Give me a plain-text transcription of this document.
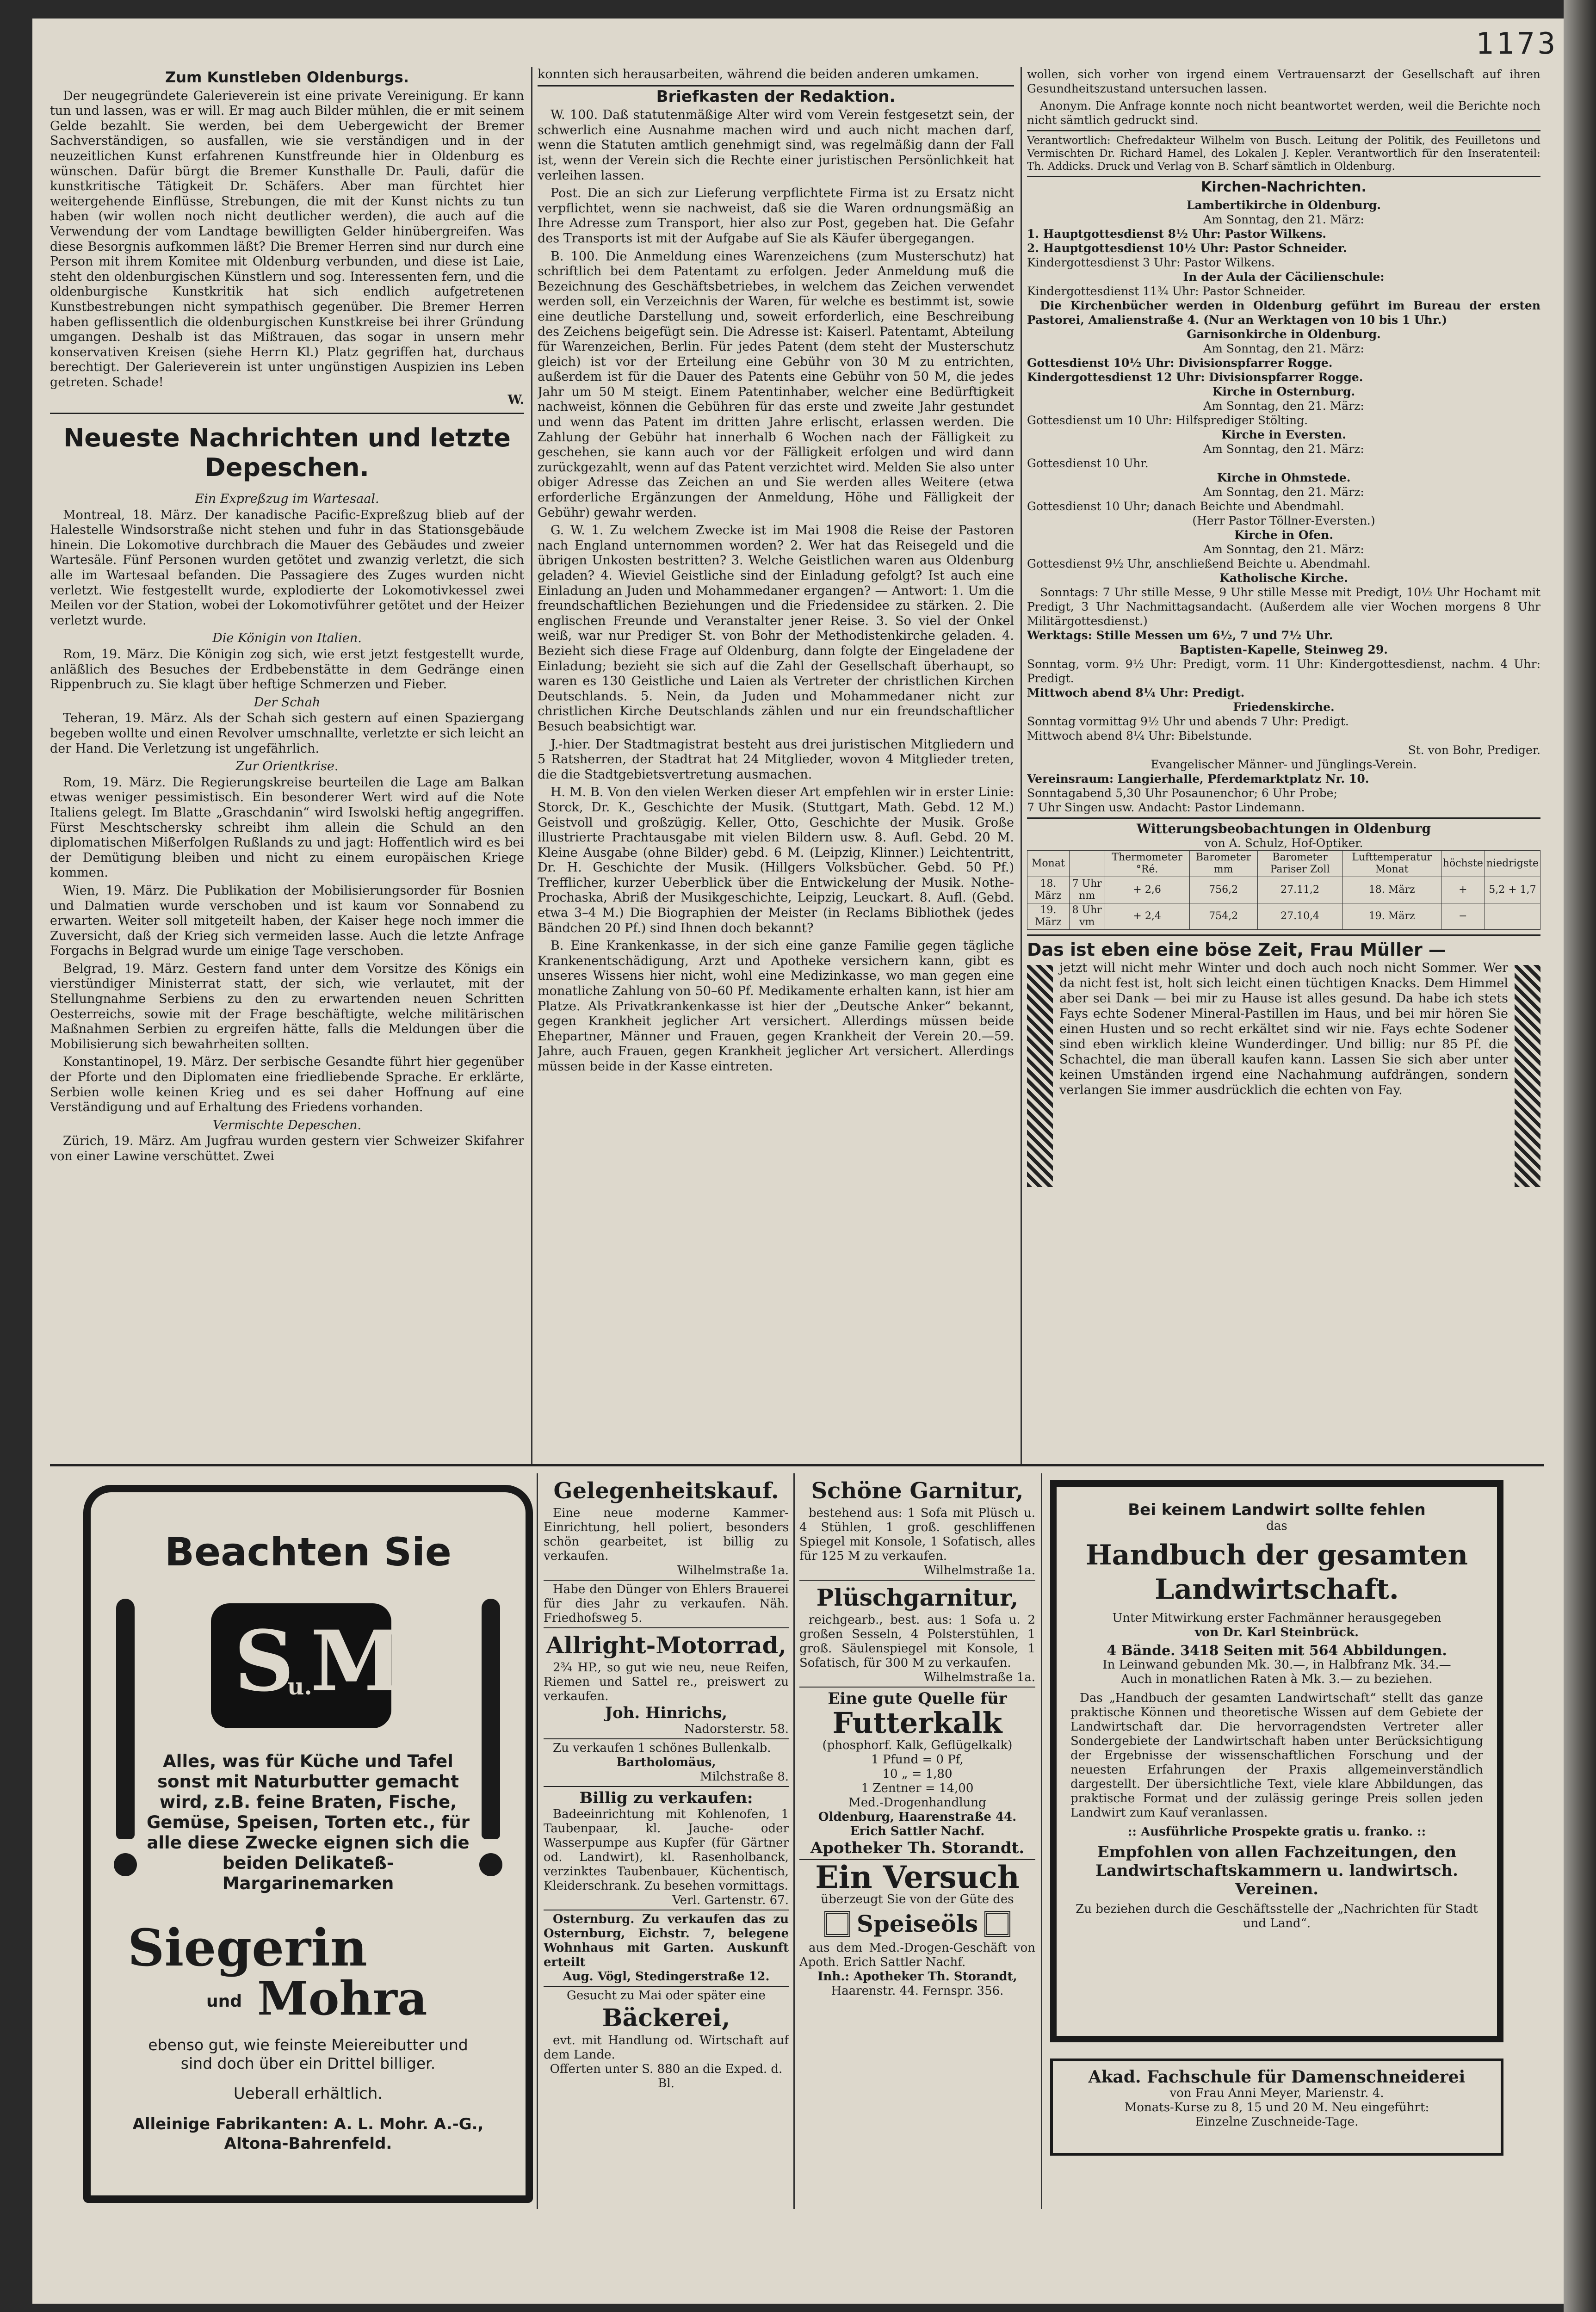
1173
Zum Kunstleben Oldenburgs.

Der neugegründete Galerieverein ist eine private Vereinigung. Er kann tun und lassen, was er will. Er mag auch Bilder mühlen, die er mit seinem Gelde bezahlt. Sie werden, bei dem Uebergewicht der Bremer Sachverständigen, so ausfallen, wie sie verständigen und in der neuzeitlichen Kunst erfahrenen Kunstfreunde hier in Oldenburg es wünschen. Dafür bürgt die Bremer Kunsthalle Dr. Pauli, dafür die kunstkritische Tätigkeit Dr. Schäfers. Aber man fürchtet hier weitergehende Einflüsse, Strebungen, die mit der Kunst nichts zu tun haben (wir wollen noch nicht deutlicher werden), die auch auf die Verwendung der vom Landtage bewilligten Gelder hinübergreifen. Was diese Besorgnis aufkommen läßt? Die Bremer Herren sind nur durch eine Person mit ihrem Komitee mit Oldenburg verbunden, und diese ist Laie, steht den oldenburgischen Künstlern und sog. Interessenten fern, und die oldenburgische Kunstkritik hat sich endlich aufgetretenen Kunstbestrebungen nicht sympathisch gegenüber. Die Bremer Herren haben geflissentlich die oldenburgischen Kunstkreise bei ihrer Gründung umgangen. Deshalb ist das Mißtrauen, das sogar in unsern mehr konservativen Kreisen (siehe Herrn Kl.) Platz gegriffen hat, durchaus berechtigt. Der Galerieverein ist unter ungünstigen Auspizien ins Leben getreten. Schade!

W.
Neueste Nachrichten und letzte Depeschen.
Ein Expreßzug im Wartesaal.

Montreal, 18. März. Der kanadische Pacific-Expreßzug blieb auf der Halestelle Windsorstraße nicht stehen und fuhr in das Stationsgebäude hinein. Die Lokomotive durchbrach die Mauer des Gebäudes und zweier Wartesäle. Fünf Personen wurden getötet und zwanzig verletzt, die sich alle im Wartesaal befanden. Die Passagiere des Zuges wurden nicht verletzt. Wie festgestellt wurde, explodierte der Lokomotivkessel zwei Meilen vor der Station, wobei der Lokomotivführer getötet und der Heizer verletzt wurde.

Die Königin von Italien.

Rom, 19. März. Die Königin zog sich, wie erst jetzt festgestellt wurde, anläßlich des Besuches der Erdbebenstätte in dem Gedränge einen Rippenbruch zu. Sie klagt über heftige Schmerzen und Fieber.

Der Schah

Teheran, 19. März. Als der Schah sich gestern auf einen Spaziergang begeben wollte und einen Revolver umschnallte, verletzte er sich leicht an der Hand. Die Verletzung ist ungefährlich.

Zur Orientkrise.

Rom, 19. März. Die Regierungskreise beurteilen die Lage am Balkan etwas weniger pessimistisch. Ein besonderer Wert wird auf die Note Italiens gelegt. Im Blatte „Graschdanin“ wird Iswolski heftig angegriffen. Fürst Meschtschersky schreibt ihm allein die Schuld an den diplomatischen Mißerfolgen Rußlands zu und jagt: Hoffentlich wird es bei der Demütigung bleiben und nicht zu einem europäischen Kriege kommen.

Wien, 19. März. Die Publikation der Mobilisierungsorder für Bosnien und Dalmatien wurde verschoben und ist kaum vor Sonnabend zu erwarten. Weiter soll mitgeteilt haben, der Kaiser hege noch immer die Zuversicht, daß der Krieg sich vermeiden lasse. Auch die letzte Anfrage Forgachs in Belgrad wurde um einige Tage verschoben.

Belgrad, 19. März. Gestern fand unter dem Vorsitze des Königs ein vierstündiger Ministerrat statt, der sich, wie verlautet, mit der Stellungnahme Serbiens zu den zu erwartenden neuen Schritten Oesterreichs, sowie mit der Frage beschäftigte, welche militärischen Maßnahmen Serbien zu ergreifen hätte, falls die Meldungen über die Mobilisierung sich bewahrheiten sollten.

Konstantinopel, 19. März. Der serbische Gesandte führt hier gegenüber der Pforte und den Diplomaten eine friedliebende Sprache. Er erklärte, Serbien wolle keinen Krieg und es sei daher Hoffnung auf eine Verständigung und auf Erhaltung des Friedens vorhanden.

Vermischte Depeschen.

Zürich, 19. März. Am Jugfrau wurden gestern vier Schweizer Skifahrer von einer Lawine verschüttet. Zwei

konnten sich herausarbeiten, während die beiden anderen umkamen.

Briefkasten der Redaktion.

W. 100. Daß statutenmäßige Alter wird vom Verein festgesetzt sein, der schwerlich eine Ausnahme machen wird und auch nicht machen darf, wenn die Statuten amtlich genehmigt sind, was regelmäßig dann der Fall ist, wenn der Verein sich die Rechte einer juristischen Persönlichkeit hat verleihen lassen.

Post. Die an sich zur Lieferung verpflichtete Firma ist zu Ersatz nicht verpflichtet, wenn sie nachweist, daß sie die Waren ordnungsmäßig an Ihre Adresse zum Transport, hier also zur Post, gegeben hat. Die Gefahr des Transports ist mit der Aufgabe auf Sie als Käufer übergegangen.

B. 100. Die Anmeldung eines Warenzeichens (zum Musterschutz) hat schriftlich bei dem Patentamt zu erfolgen. Jeder Anmeldung muß die Bezeichnung des Geschäftsbetriebes, in welchem das Zeichen verwendet werden soll, ein Verzeichnis der Waren, für welche es bestimmt ist, sowie eine deutliche Darstellung und, soweit erforderlich, eine Beschreibung des Zeichens beigefügt sein. Die Adresse ist: Kaiserl. Patentamt, Abteilung für Warenzeichen, Berlin. Für jedes Patent (dem steht der Musterschutz gleich) ist vor der Erteilung eine Gebühr von 30 M zu entrichten, außerdem ist für die Dauer des Patents eine Gebühr von 50 M, die jedes Jahr um 50 M steigt. Einem Patentinhaber, welcher eine Bedürftigkeit nachweist, können die Gebühren für das erste und zweite Jahr gestundet und wenn das Patent im dritten Jahre erlischt, erlassen werden. Die Zahlung der Gebühr hat innerhalb 6 Wochen nach der Fälligkeit zu geschehen, sie kann auch vor der Fälligkeit erfolgen und wird dann zurückgezahlt, wenn auf das Patent verzichtet wird. Melden Sie also unter obiger Adresse das Zeichen an und Sie werden alles Weitere (etwa erforderliche Ergänzungen der Anmeldung, Höhe und Fälligkeit der Gebühr) gewahr werden.

G. W. 1. Zu welchem Zwecke ist im Mai 1908 die Reise der Pastoren nach England unternommen worden? 2. Wer hat das Reisegeld und die übrigen Unkosten bestritten? 3. Welche Geistlichen waren aus Oldenburg geladen? 4. Wieviel Geistliche sind der Einladung gefolgt? Ist auch eine Einladung an Juden und Mohammedaner ergangen? — Antwort: 1. Um die freundschaftlichen Beziehungen und die Friedensidee zu stärken. 2. Die englischen Freunde und Veranstalter jener Reise. 3. So viel der Onkel weiß, war nur Prediger St. von Bohr der Methodistenkirche geladen. 4. Bezieht sich diese Frage auf Oldenburg, dann folgte der Eingeladene der Einladung; bezieht sie sich auf die Zahl der Gesellschaft überhaupt, so waren es 130 Geistliche und Laien als Vertreter der christlichen Kirchen Deutschlands. 5. Nein, da Juden und Mohammedaner nicht zur christlichen Kirche Deutschlands zählen und nur ein freundschaftlicher Besuch beabsichtigt war.

J.-hier. Der Stadtmagistrat besteht aus drei juristischen Mitgliedern und 5 Ratsherren, der Stadtrat hat 24 Mitglieder, wovon 4 Mitglieder treten, die die Stadtgebietsvertretung ausmachen.

H. M. B. Von den vielen Werken dieser Art empfehlen wir in erster Linie: Storck, Dr. K., Geschichte der Musik. (Stuttgart, Math. Gebd. 12 M.) Geistvoll und großzügig. Keller, Otto, Geschichte der Musik. Große illustrierte Prachtausgabe mit vielen Bildern usw. 8. Aufl. Gebd. 20 M. Kleine Ausgabe (ohne Bilder) gebd. 6 M. (Leipzig, Klinner.) Leichtentritt, Dr. H. Geschichte der Musik. (Hillgers Volksbücher. Gebd. 50 Pf.) Trefflicher, kurzer Ueberblick über die Entwickelung der Musik. Nothe-Prochaska, Abriß der Musikgeschichte, Leipzig, Leuckart. 8. Aufl. (Gebd. etwa 3–4 M.) Die Biographien der Meister (in Reclams Bibliothek (jedes Bändchen 20 Pf.) sind Ihnen doch bekannt?

B. Eine Krankenkasse, in der sich eine ganze Familie gegen tägliche Krankenentschädigung, Arzt und Apotheke versichern kann, gibt es unseres Wissens hier nicht, wohl eine Medizinkasse, wo man gegen eine monatliche Zahlung von 50–60 Pf. Medikamente erhalten kann, ist hier am Platze. Als Privatkrankenkasse ist hier der „Deutsche Anker“ bekannt, gegen Krankheit jeglicher Art versichert. Allerdings müssen beide Ehepartner, Männer und Frauen, gegen Krankheit der Verein 20.—59. Jahre, auch Frauen, gegen Krankheit jeglicher Art versichert. Allerdings müssen beide in der Kasse eintreten.

wollen, sich vorher von irgend einem Vertrauensarzt der Gesellschaft auf ihren Gesundheitszustand untersuchen lassen.

Anonym. Die Anfrage konnte noch nicht beantwortet werden, weil die Berichte noch nicht sämtlich gedruckt sind.

Verantwortlich: Chefredakteur Wilhelm von Busch. Leitung der Politik, des Feuilletons und Vermischten Dr. Richard Hamel, des Lokalen J. Kepler. Verantwortlich für den Inseratenteil: Th. Addicks. Druck und Verlag von B. Scharf sämtlich in Oldenburg.

Kirchen-Nachrichten.
Lambertikirche in Oldenburg.
Am Sonntag, den 21. März:
1. Hauptgottesdienst 8½ Uhr: Pastor Wilkens.
2. Hauptgottesdienst 10½ Uhr: Pastor Schneider.
Kindergottesdienst 3 Uhr: Pastor Wilkens.
In der Aula der Cäcilienschule:
Kindergottesdienst 11¾ Uhr: Pastor Schneider.
Die Kirchenbücher werden in Oldenburg geführt im Bureau der ersten Pastorei, Amalienstraße 4. (Nur an Werktagen von 10 bis 1 Uhr.)
Garnisonkirche in Oldenburg.
Am Sonntag, den 21. März:
Gottesdienst 10½ Uhr: Divisionspfarrer Rogge.
Kindergottesdienst 12 Uhr: Divisionspfarrer Rogge.
Kirche in Osternburg.
Am Sonntag, den 21. März:
Gottesdienst um 10 Uhr: Hilfsprediger Stölting.
Kirche in Eversten.
Am Sonntag, den 21. März:
Gottesdienst 10 Uhr.
Kirche in Ohmstede.
Am Sonntag, den 21. März:
Gottesdienst 10 Uhr; danach Beichte und Abendmahl.
(Herr Pastor Töllner-Eversten.)
Kirche in Ofen.
Am Sonntag, den 21. März:
Gottesdienst 9½ Uhr, anschließend Beichte u. Abendmahl.
Katholische Kirche.
Sonntags: 7 Uhr stille Messe, 9 Uhr stille Messe mit Predigt, 10½ Uhr Hochamt mit Predigt, 3 Uhr Nachmittagsandacht. (Außerdem alle vier Wochen morgens 8 Uhr Militärgottesdienst.)
Werktags: Stille Messen um 6½, 7 und 7½ Uhr.
Baptisten-Kapelle, Steinweg 29.
Sonntag, vorm. 9½ Uhr: Predigt, vorm. 11 Uhr: Kindergottesdienst, nachm. 4 Uhr: Predigt.
Mittwoch abend 8¼ Uhr: Predigt.
Friedenskirche.
Sonntag vormittag 9½ Uhr und abends 7 Uhr: Predigt.
Mittwoch abend 8¼ Uhr: Bibelstunde.
St. von Bohr, Prediger.
Evangelischer Männer- und Jünglings-Verein.
Vereinsraum: Langierhalle, Pferdemarktplatz Nr. 10.
Sonntagabend 5,30 Uhr Posaunenchor; 6 Uhr Probe;
7 Uhr Singen usw. Andacht: Pastor Lindemann.
Witterungsbeobachtungen in Oldenburg
von A. Schulz, Hof-Optiker.
Monat		Thermometer °Ré.	Barometer mm	Barometer Pariser Zoll	Lufttemperatur Monat	höchste	niedrigste
18. März	7 Uhr nm	+ 2,6	756,2	27.11,2	18. März	+	5,2 + 1,7
19. März	8 Uhr vm	+ 2,4	754,2	27.10,4	19. März	−	
Das ist eben eine böse Zeit, Frau Müller —

jetzt will nicht mehr Winter und doch auch noch nicht Sommer. Wer da nicht fest ist, holt sich leicht einen tüchtigen Knacks. Dem Himmel aber sei Dank — bei mir zu Hause ist alles gesund. Da habe ich stets Fays echte Sodener Mineral-Pastillen im Haus, und bei mir hören Sie einen Husten und so recht erkältet sind wir nie. Fays echte Sodener sind eben wirklich kleine Wunderdinger. Und billig: nur 85 Pf. die Schachtel, die man überall kaufen kann. Lassen Sie sich aber unter keinen Umständen irgend eine Nachahmung aufdrängen, sondern verlangen Sie immer ausdrücklich die echten von Fay.

Beachten Sie
S
u.
M
Alles, was für Küche und Tafel sonst mit Naturbutter gemacht wird, z.B. feine Braten, Fische, Gemüse, Speisen, Torten etc., für alle diese Zwecke eignen sich die beiden Delikateß-Margarinemarken
Siegerin
und Mohra
ebenso gut, wie feinste Meiereibutter und sind doch über ein Drittel billiger.
Ueberall erhältlich.
Alleinige Fabrikanten: A. L. Mohr. A.-G., Altona-Bahrenfeld.
Gelegenheitskauf.
Eine neue moderne Kammer-Einrichtung, hell poliert, besonders schön gearbeitet, ist billig zu verkaufen.
Wilhelmstraße 1a.
Habe den Dünger von Ehlers Brauerei für dies Jahr zu verkaufen. Näh. Friedhofsweg 5.
Allright-Motorrad,
2¾ HP., so gut wie neu, neue Reifen, Riemen und Sattel re., preiswert zu verkaufen.
Joh. Hinrichs,
Nadorsterstr. 58.
Zu verkaufen 1 schönes Bullenkalb.
Bartholomäus,
Milchstraße 8.
Billig zu verkaufen:
Badeeinrichtung mit Kohlenofen, 1 Taubenpaar, kl. Jauche- oder Wasserpumpe aus Kupfer (für Gärtner od. Landwirt), kl. Rasenholbanck, verzinktes Taubenbauer, Küchentisch, Kleiderschrank. Zu besehen vormittags.
Verl. Gartenstr. 67.
Osternburg. Zu verkaufen das zu Osternburg, Eichstr. 7, belegene Wohnhaus mit Garten. Auskunft erteilt
Aug. Vögl, Stedingerstraße 12.
Gesucht zu Mai oder später eine
Bäckerei,
evt. mit Handlung od. Wirtschaft auf dem Lande.
Offerten unter S. 880 an die Exped. d. Bl.
Schöne Garnitur,
bestehend aus: 1 Sofa mit Plüsch u. 4 Stühlen, 1 groß. geschliffenen Spiegel mit Konsole, 1 Sofatisch, alles für 125 M zu verkaufen.
Wilhelmstraße 1a.
Plüschgarnitur,
reichgearb., best. aus: 1 Sofa u. 2 großen Sesseln, 4 Polsterstühlen, 1 groß. Säulenspiegel mit Konsole, 1 Sofatisch, für 300 M zu verkaufen.
Wilhelmstraße 1a.
Eine gute Quelle für
Futterkalk
(phosphorf. Kalk, Geflügelkalk)
1 Pfund = 0 Pf,
10 „ = 1,80
1 Zentner = 14,00
Med.-Drogenhandlung
Oldenburg, Haarenstraße 44.
Erich Sattler Nachf.
Apotheker Th. Storandt.
Ein Versuch
überzeugt Sie von der Güte des
Speiseöls
aus dem Med.-Drogen-Geschäft von Apoth. Erich Sattler Nachf.
Inh.: Apotheker Th. Storandt,
Haarenstr. 44. Fernspr. 356.
Bei keinem Landwirt sollte fehlen
das
Handbuch der gesamten Landwirtschaft.
Unter Mitwirkung erster Fachmänner herausgegeben
von Dr. Karl Steinbrück.
4 Bände. 3418 Seiten mit 564 Abbildungen.
In Leinwand gebunden Mk. 30.—, in Halbfranz Mk. 34.—
Auch in monatlichen Raten à Mk. 3.— zu beziehen.
Das „Handbuch der gesamten Landwirtschaft“ stellt das ganze praktische Können und theoretische Wissen auf dem Gebiete der Landwirtschaft dar. Die hervorragendsten Vertreter aller Sondergebiete der Landwirtschaft haben unter Berücksichtigung der Ergebnisse der wissenschaftlichen Forschung und der neuesten Erfahrungen der Praxis allgemeinverständlich dargestellt. Der übersichtliche Text, viele klare Abbildungen, das praktische Format und der zulässig geringe Preis sollen jeden Landwirt zum Kauf veranlassen.
:: Ausführliche Prospekte gratis u. franko. ::
Empfohlen von allen Fachzeitungen, den Landwirtschaftskammern u. landwirtsch. Vereinen.
Zu beziehen durch die Geschäftsstelle der „Nachrichten für Stadt und Land“.
Akad. Fachschule für Damenschneiderei
von Frau Anni Meyer, Marienstr. 4.
Monats-Kurse zu 8, 15 und 20 M. Neu eingeführt:
Einzelne Zuschneide-Tage.
